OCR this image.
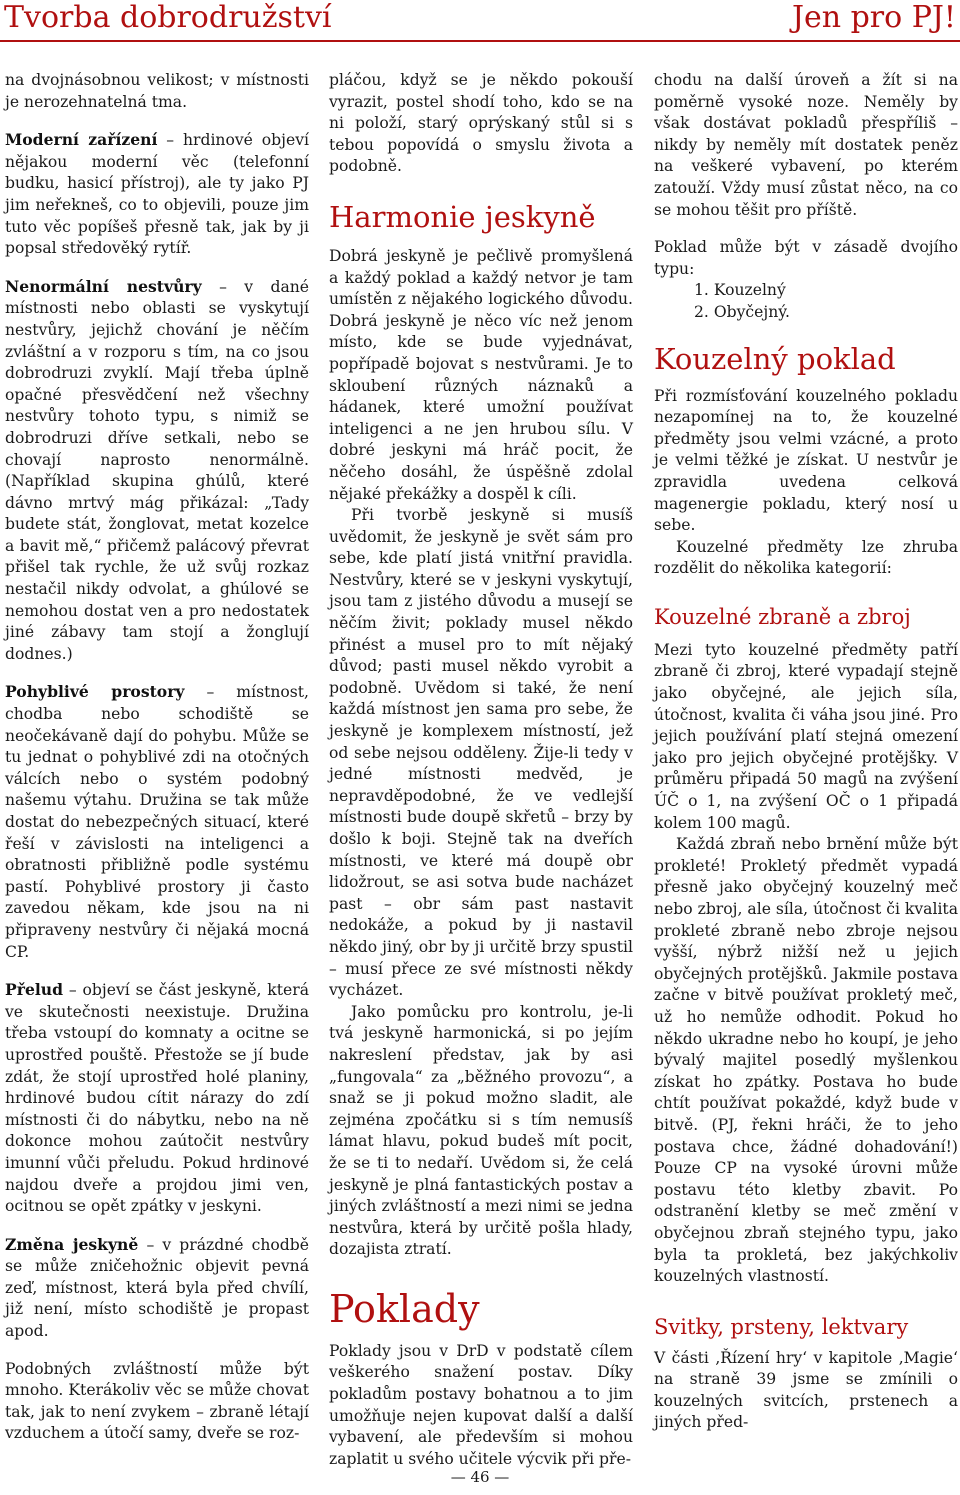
Tvorba dobrodružství	Jen pro PJ!

na dvojnásobnou velikost; v místnosti je nerozehnatelná tma.

Moderní zařízení – hrdinové objeví nějakou moderní věc (telefonní budku, hasicí přístroj), ale ty jako PJ jim neřekneš, co to objevili, pouze jim tuto věc popíšeš přesně tak, jak by ji popsal středověký rytíř.

Nenormální nestvůry – v dané místnosti nebo oblasti se vyskytují nestvůry, jejichž chování je něčím zvláštní a v rozporu s tím, na co jsou dobrodruzi zvyklí. Mají třeba úplně opačné přesvědčení než všechny nestvůry tohoto typu, s nimiž se dobrodruzi dříve setkali, nebo se chovají naprosto nenormálně. (Například skupina ghúlů, které dávno mrtvý mág přikázal: „Tady budete stát, žonglovat, metat kozelce a bavit mě,“ přičemž palácový převrat přišel tak rychle, že už svůj rozkaz nestačil nikdy odvolat, a ghúlové se nemohou dostat ven a pro nedostatek jiné zábavy tam stojí a žonglují dodnes.)

Pohyblivé prostory – místnost, chodba nebo schodiště se neočekávaně dají do pohybu. Může se tu jednat o pohyblivé zdi na otočných válcích nebo o systém podobný našemu výtahu. Družina se tak může dostat do nebezpečných situací, které řeší v závislosti na inteligenci a obratnosti přibližně podle systému pastí. Pohyblivé prostory ji často zavedou někam, kde jsou na ni připraveny nestvůry či nějaká mocná CP.

Přelud – objeví se část jeskyně, která ve skutečnosti neexistuje. Družina třeba vstoupí do komnaty a ocitne se uprostřed pouště. Přestože se jí bude zdát, že stojí uprostřed holé planiny, hrdinové budou cítit nárazy do zdí místnosti či do nábytku, nebo na ně dokonce mohou zaútočit nestvůry imunní vůči přeludu. Pokud hrdinové najdou dveře a projdou jimi ven, ocitnou se opět zpátky v jeskyni.

Změna jeskyně – v prázdné chodbě se může zničehožnic objevit pevná zeď, místnost, která byla před chvílí, již není, místo schodiště je propast apod.

Podobných zvláštností může být mnoho. Kterákoliv věc se může chovat tak, jak to není zvykem – zbraně létají vzduchem a útočí samy, dveře se roz-

pláčou, když se je někdo pokouší vyrazit, postel shodí toho, kdo se na ni položí, starý oprýskaný stůl si s tebou popovídá o smyslu života a podobně.

Harmonie jeskyně

Dobrá jeskyně je pečlivě promyšlená a každý poklad a každý netvor je tam umístěn z nějakého logického důvodu. Dobrá jeskyně je něco víc než jenom místo, kde se bude vyjednávat, popřípadě bojovat s nestvůrami. Je to skloubení různých náznaků a hádanek, které umožní používat inteligenci a ne jen hrubou sílu. V dobré jeskyni má hráč pocit, že něčeho dosáhl, že úspěšně zdolal nějaké překážky a dospěl k cíli.

Při tvorbě jeskyně si musíš uvědomit, že jeskyně je svět sám pro sebe, kde platí jistá vnitřní pravidla. Nestvůry, které se v jeskyni vyskytují, jsou tam z jistého důvodu a musejí se něčím živit; poklady musel někdo přinést a musel pro to mít nějaký důvod; pasti musel někdo vyrobit a podobně. Uvědom si také, že není každá místnost jen sama pro sebe, že jeskyně je komplexem místností, jež od sebe nejsou odděleny. Žije-li tedy v jedné místnosti medvěd, je nepravděpodobné, že ve vedlejší místnosti bude doupě skřetů – brzy by došlo k boji. Stejně tak na dveřích místnosti, ve které má doupě obr lidožrout, se asi sotva bude nacházet past – obr sám past nastavit nedokáže, a pokud by ji nastavil někdo jiný, obr by ji určitě brzy spustil – musí přece ze své místnosti někdy vycházet.

Jako pomůcku pro kontrolu, je-li tvá jeskyně harmonická, si po jejím nakreslení představ, jak by asi „fungovala“ za „běžného provozu“, a snaž se ji pokud možno sladit, ale zejména zpočátku si s tím nemusíš lámat hlavu, pokud budeš mít pocit, že se ti to nedaří. Uvědom si, že celá jeskyně je plná fantastických postav a jiných zvláštností a mezi nimi se jedna nestvůra, která by určitě pošla hlady, dozajista ztratí.

Poklady

Poklady jsou v DrD v podstatě cílem veškerého snažení postav. Díky pokladům postavy bohatnou a to jim umožňuje nejen kupovat další a další vybavení, ale především si mohou zaplatit u svého učitele výcvik při pře-

chodu na další úroveň a žít si na poměrně vysoké noze. Neměly by však dostávat pokladů přespříliš – nikdy by neměly mít dostatek peněz na veškeré vybavení, po kterém zatouží. Vždy musí zůstat něco, na co se mohou těšit pro příště.

Poklad může být v zásadě dvojího typu:

1. Kouzelný
2. Obyčejný.
Kouzelný poklad

Při rozmísťování kouzelného pokladu nezapomínej na to, že kouzelné předměty jsou velmi vzácné, a proto je velmi těžké je získat. U nestvůr je zpravidla uvedena celková magenergie pokladu, který nosí u sebe.

Kouzelné předměty lze zhruba rozdělit do několika kategorií:

Kouzelné zbraně a zbroj

Mezi tyto kouzelné předměty patří zbraně či zbroj, které vypadají stejně jako obyčejné, ale jejich síla, útočnost, kvalita či váha jsou jiné. Pro jejich používání platí stejná omezení jako pro jejich obyčejné protějšky. V průměru připadá 50 magů na zvýšení ÚČ o 1, na zvýšení OČ o 1 připadá kolem 100 magů.

Každá zbraň nebo brnění může být prokleté! Prokletý předmět vypadá přesně jako obyčejný kouzelný meč nebo zbroj, ale síla, útočnost či kvalita prokleté zbraně nebo zbroje nejsou vyšší, nýbrž nižší než u jejich obyčejných protějšků. Jakmile postava začne v bitvě používat prokletý meč, už ho nemůže odhodit. Pokud ho někdo ukradne nebo ho koupí, je jeho bývalý majitel posedlý myšlenkou získat ho zpátky. Postava ho bude chtít používat pokaždé, když bude v bitvě. (PJ, řekni hráči, že to jeho postava chce, žádné dohadování!) Pouze CP na vysoké úrovni může postavu této kletby zbavit. Po odstranění kletby se meč změní v obyčejnou zbraň stejného typu, jako byla ta prokletá, bez jakýchkoliv kouzelných vlastností.

Svitky, prsteny, lektvary

V části ‚Řízení hry‘ v kapitole ‚Magie‘ na straně 39 jsme se zmínili o kouzelných svitcích, prstenech a jiných před-

— 46 —
